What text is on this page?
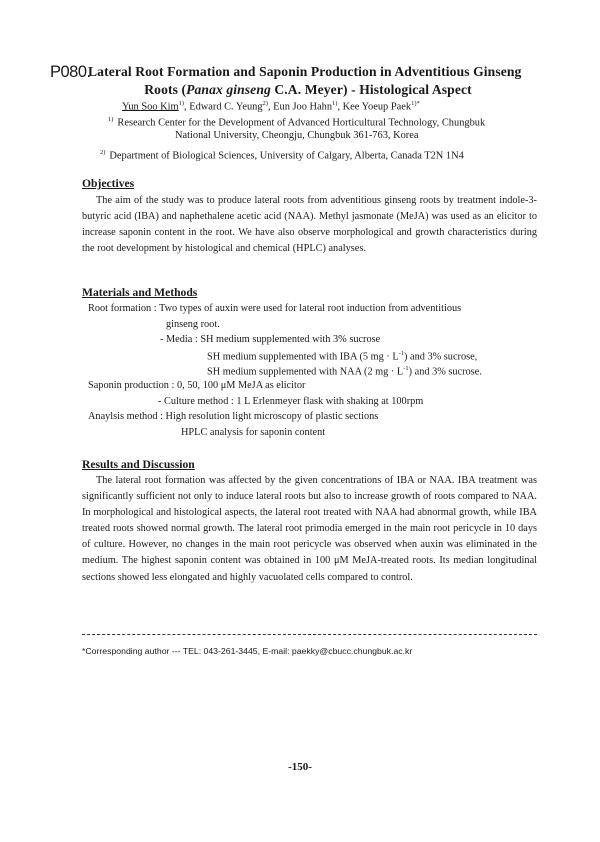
P080.
Lateral Root Formation and Saponin Production in Adventitious Ginseng
Roots (Panax ginseng C.A. Meyer) - Histological Aspect
Yun Soo Kim$^{1)}$, Edward C. Yeung$^{2)}$, Eun Joo Hahn$^{1)}$, Kee Yoeup Paek$^{1)*}$
$^{1)}$ Research Center for the Development of Advanced Horticultural Technology, Chungbuk
National University, Cheongju, Chungbuk 361-763, Korea
$^{2)}$ Department of Biological Sciences, University of Calgary, Alberta, Canada T2N 1N4
Objectives
The aim of the study was to produce lateral roots from adventitious ginseng roots by treatment indole-3-butyric acid (IBA) and naphethalene acetic acid (NAA). Methyl jasmonate (MeJA) was used as an elicitor to increase saponin content in the root. We have also observe morphological and growth characteristics during the root development by histological and chemical (HPLC) analyses.
Materials and Methods
Root formation : Two types of auxin were used for lateral root induction from adventitious
ginseng root.
- Media : SH medium supplemented with 3% sucrose
SH medium supplemented with IBA (5 mg · $L^{-1}$) and 3% sucrose,
SH medium supplemented with NAA (2 mg · $L^{-1}$) and 3% sucrose.
Saponin production : 0, 50, 100 μM MeJA as elicitor
- Culture method : 1 L Erlenmeyer flask with shaking at 100rpm
Anaylsis method : High resolution light microscopy of plastic sections
HPLC analysis for saponin content
Results and Discussion
The lateral root formation was affected by the given concentrations of IBA or NAA. IBA treatment was significantly sufficient not only to induce lateral roots but also to increase growth of roots compared to NAA. In morphological and histological aspects, the lateral root treated with NAA had abnormal growth, while IBA treated roots showed normal growth. The lateral root primodia emerged in the main root pericycle in 10 days of culture. However, no changes in the main root pericycle was observed when auxin was eliminated in the medium. The highest saponin content was obtained in 100 μM MeJA-treated roots. Its median longitudinal sections showed less elongated and highly vacuolated cells compared to control.
*Corresponding author --- TEL: 043-261-3445, E-mail: paekky@cbucc.chungbuk.ac.kr
-150-
